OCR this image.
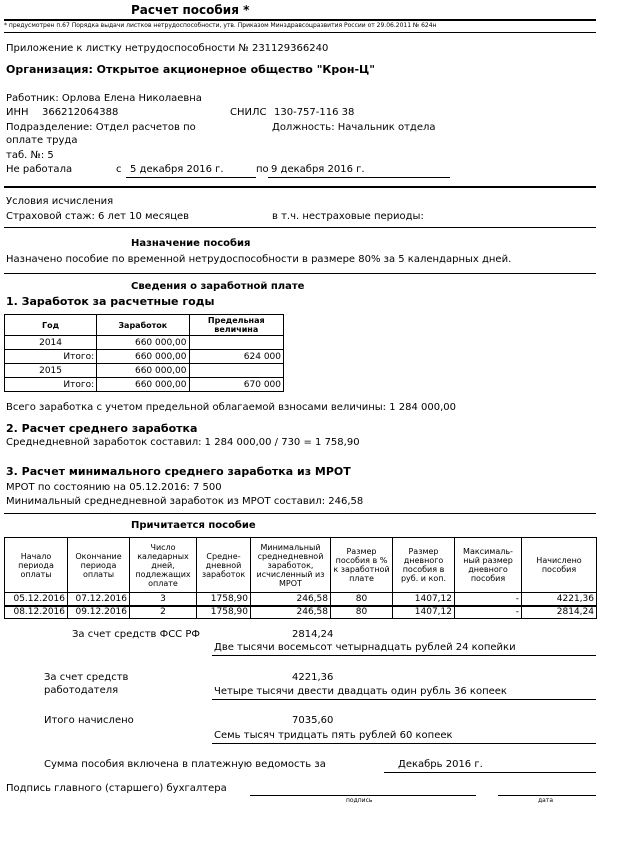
Расчет пособия *
* предусмотрен п.67 Порядка выдачи листков нетрудоспособности, утв. Приказом Минздравсоцразвития России от 29.06.2011 № 624н
Приложение к листку нетрудоспособности № 231129366240
Организация: Открытое акционерное общество "Крон-Ц"
Работник: Орлова Елена Николаевна
ИНН 366212064388	СНИЛС 130-757-116 38
Подразделение: Отдел расчетов по
оплате труда
Должность: Начальник отдела
таб. №: 5
Не работала	с 5 декабря 2016 г.	по 9 декабря 2016 г.
Условия исчисления
Страховой стаж: 6 лет 10 месяцев	в т.ч. нестраховые периоды:
Назначение пособия
Назначено пособие по временной нетрудоспособности в размере 80% за 5 календарных дней.
Сведения о заработной плате
1. Заработок за расчетные годы
Год	Заработок	Предельная величина
2014	660 000,00	
Итого:	660 000,00	624 000
2015	660 000,00	
Итого:	660 000,00	670 000
Всего заработка с учетом предельной облагаемой взносами величины: 1 284 000,00
2. Расчет среднего заработка
Среднедневной заработок составил: 1 284 000,00 / 730 = 1 758,90
3. Расчет минимального среднего заработка из МРОТ
МРОТ по состоянию на 05.12.2016: 7 500
Минимальный среднедневной заработок из МРОТ составил: 246,58
Причитается пособие
Начало периода оплаты	Окончание периода оплаты	Число каледарных дней, подлежащих оплате	Средне-дневной заработок	Минимальный среднедневной заработок, исчисленный из МРОТ	Размер пособия в % к заработной плате	Размер дневного пособия в руб. и коп.	Максималь-ный размер дневного пособия	Начислено пособия
05.12.2016	07.12.2016	3	1758,90	246,58	80	1407,12	-	4221,36
08.12.2016	09.12.2016	2	1758,90	246,58	80	1407,12	-	2814,24
За счет средств ФСС РФ	2814,24
Две тысячи восемьсот четырнадцать рублей 24 копейки
За счет средств
работодателя
4221,36
Четыре тысячи двести двадцать один рубль 36 копеек
Итого начислено	7035,60
Семь тысяч тридцать пять рублей 60 копеек
Сумма пособия включена в платежную ведомость за	Декабрь 2016 г.
Подпись главного (старшего) бухгалтера
подпись	дата
